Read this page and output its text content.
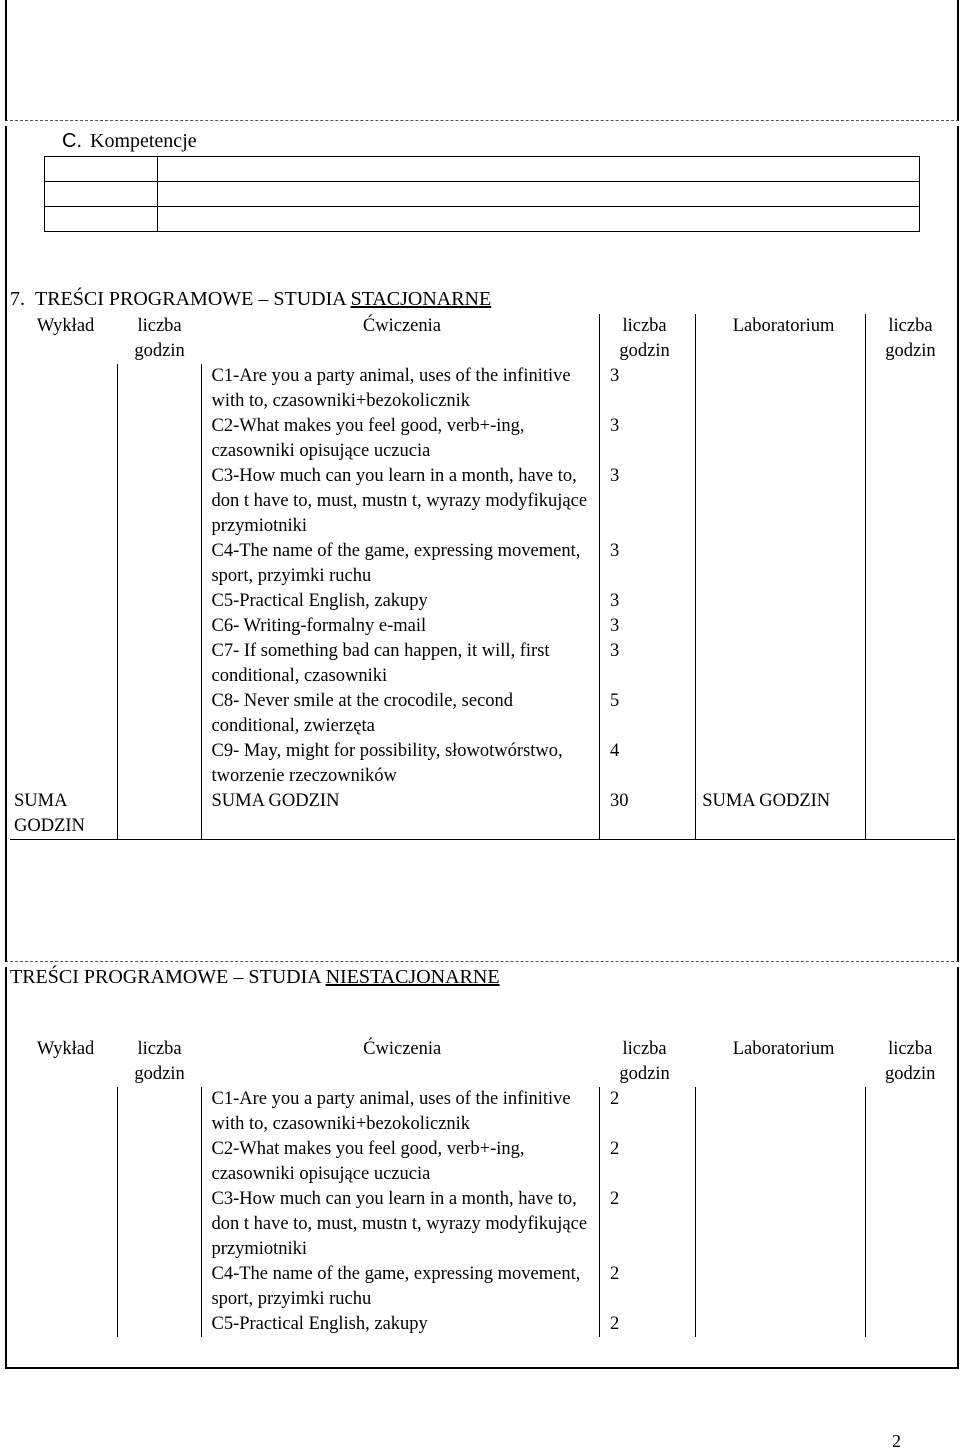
C. Kompetencje

7. TREŚCI PROGRAMOWE – STUDIA STACJONARNE
Wykład	liczba godzin	Ćwiczenia	liczba godzin	Laboratorium	liczba godzin
		C1-Are you a party animal, uses of the infinitive with to, czasowniki+bezokolicznik	3		
		C2-What makes you feel good, verb+-ing, czasowniki opisujące uczucia	3		
		C3-How much can you learn in a month, have to, don t have to, must, mustn t, wyrazy modyfikujące przymiotniki	3		
		C4-The name of the game, expressing movement, sport, przyimki ruchu	3		
		C5-Practical English, zakupy	3		
		C6- Writing-formalny e-mail	3		
		C7- If something bad can happen, it will, first conditional, czasowniki	3		
		C8- Never smile at the crocodile, second conditional, zwierzęta	5		
		C9- May, might for possibility, słowotwórstwo, tworzenie rzeczowników	4		
SUMA GODZIN		SUMA GODZIN	30	SUMA GODZIN	
TREŚCI PROGRAMOWE – STUDIA NIESTACJONARNE
Wykład	liczba godzin	Ćwiczenia	liczba godzin	Laboratorium	liczba godzin
		C1-Are you a party animal, uses of the infinitive with to, czasowniki+bezokolicznik	2		
		C2-What makes you feel good, verb+-ing, czasowniki opisujące uczucia	2		
		C3-How much can you learn in a month, have to, don t have to, must, mustn t, wyrazy modyfikujące przymiotniki	2		
		C4-The name of the game, expressing movement, sport, przyimki ruchu	2		
		C5-Practical English, zakupy	2		
2
